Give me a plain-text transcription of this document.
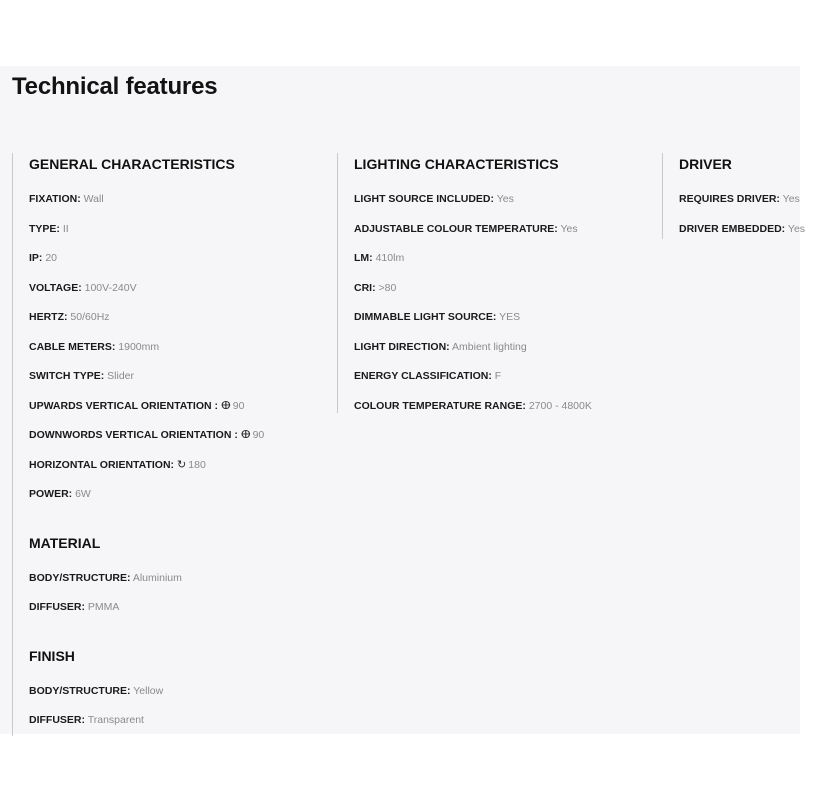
Technical features
GENERAL CHARACTERISTICS
FIXATION: Wall
TYPE: II
IP: 20
VOLTAGE: 100V-240V
HERTZ: 50/60Hz
CABLE METERS: 1900mm
SWITCH TYPE: Slider
UPWARDS VERTICAL ORIENTATION : ⴲ 90
DOWNWORDS VERTICAL ORIENTATION : ⴲ 90
HORIZONTAL ORIENTATION: ↻ 180
POWER: 6W
MATERIAL
BODY/STRUCTURE: Aluminium
DIFFUSER: PMMA
FINISH
BODY/STRUCTURE: Yellow
DIFFUSER: Transparent
LIGHTING CHARACTERISTICS
LIGHT SOURCE INCLUDED: Yes
ADJUSTABLE COLOUR TEMPERATURE: Yes
LM: 410lm
CRI: >80
DIMMABLE LIGHT SOURCE: YES
LIGHT DIRECTION: Ambient lighting
ENERGY CLASSIFICATION: F
COLOUR TEMPERATURE RANGE: 2700 - 4800K
DRIVER
REQUIRES DRIVER: Yes
DRIVER EMBEDDED: Yes
